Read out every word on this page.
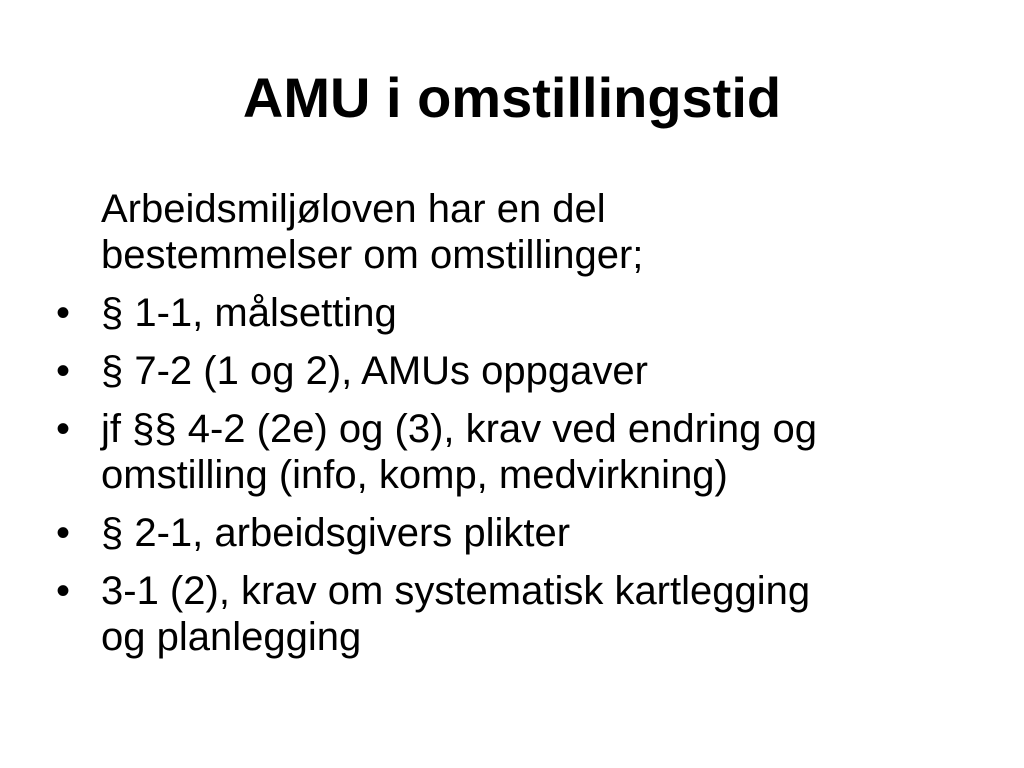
AMU i omstillingstid
Arbeidsmiljøloven har en del
bestemmelser om omstillinger;
• § 1-1, målsetting
• § 7-2 (1 og 2), AMUs oppgaver
• jf §§ 4-2 (2e) og (3), krav ved endring og
omstilling (info, komp, medvirkning)
• § 2-1, arbeidsgivers plikter
• 3-1 (2), krav om systematisk kartlegging
og planlegging
